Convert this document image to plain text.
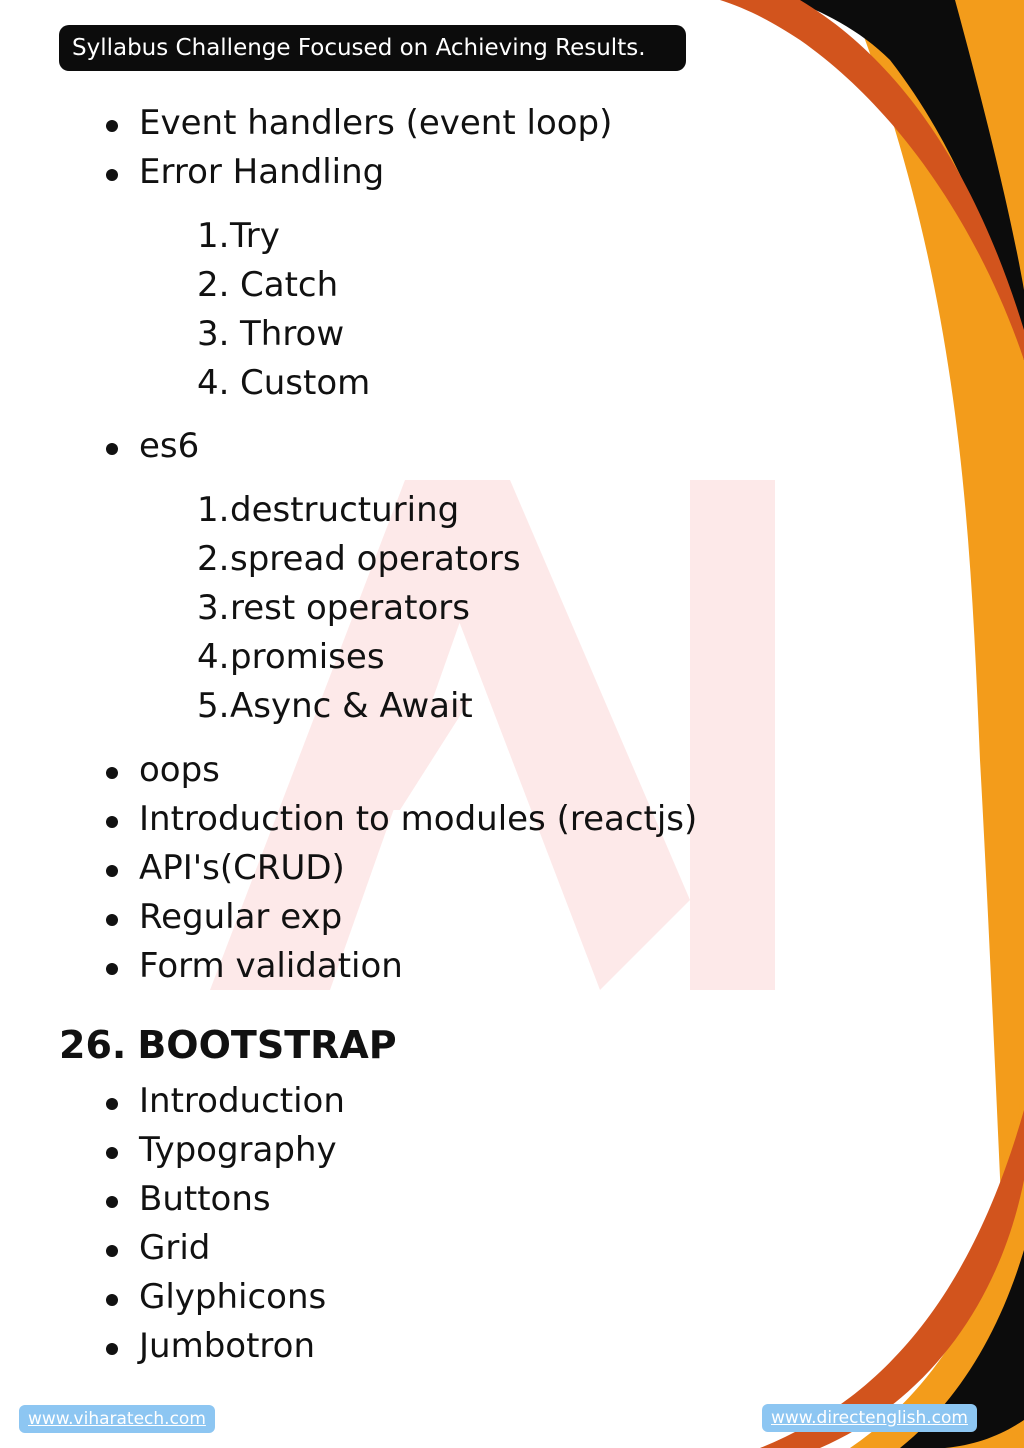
Syllabus Challenge Focused on Achieving Results.
Event handlers (event loop)
Error Handling
1.Try
2. Catch
3. Throw
4. Custom
es6
1.destructuring
2.spread operators
3.rest operators
4.promises
5.Async & Await
oops
Introduction to modules (reactjs)
API's(CRUD)
Regular exp
Form validation
26. BOOTSTRAP
Introduction
Typography
Buttons
Grid
Glyphicons
Jumbotron
www.viharatech.com	www.directenglish.com
